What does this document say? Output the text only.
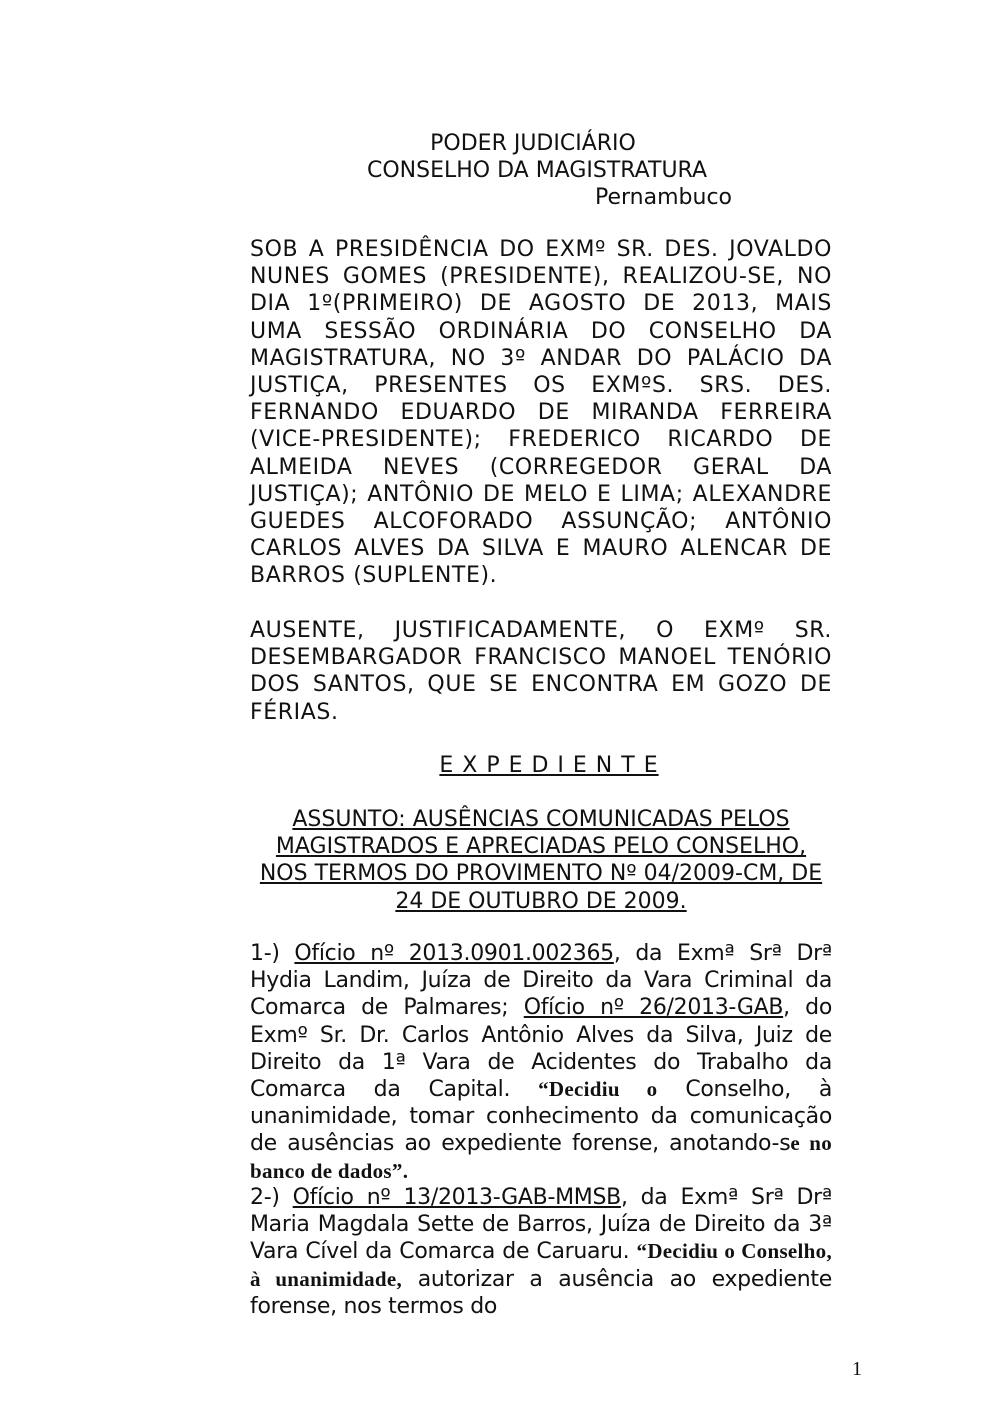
PODER JUDICIÁRIO
CONSELHO DA MAGISTRATURA
Pernambuco
SOB A PRESIDÊNCIA DO EXMº SR. DES. JOVALDO NUNES GOMES (PRESIDENTE), REALIZOU-SE, NO DIA 1º(PRIMEIRO) DE AGOSTO DE 2013, MAIS UMA SESSÃO ORDINÁRIA DO CONSELHO DA MAGISTRATURA, NO 3º ANDAR DO PALÁCIO DA JUSTIÇA, PRESENTES OS EXMºS. SRS. DES. FERNANDO EDUARDO DE MIRANDA FERREIRA (VICE-PRESIDENTE); FREDERICO RICARDO DE ALMEIDA NEVES (CORREGEDOR GERAL DA JUSTIÇA); ANTÔNIO DE MELO E LIMA; ALEXANDRE GUEDES ALCOFORADO ASSUNÇÃO; ANTÔNIO CARLOS ALVES DA SILVA E MAURO ALENCAR DE BARROS (SUPLENTE).
AUSENTE, JUSTIFICADAMENTE, O EXMº SR. DESEMBARGADOR FRANCISCO MANOEL TENÓRIO DOS SANTOS, QUE SE ENCONTRA EM GOZO DE FÉRIAS.
E X P E D I E N T E
ASSUNTO: AUSÊNCIAS COMUNICADAS PELOS MAGISTRADOS E APRECIADAS PELO CONSELHO, NOS TERMOS DO PROVIMENTO Nº 04/2009-CM, DE 24 DE OUTUBRO DE 2009.
1-) Ofício nº 2013.0901.002365, da Exmª Srª Drª Hydia Landim, Juíza de Direito da Vara Criminal da Comarca de Palmares; Ofício nº 26/2013-GAB, do Exmº Sr. Dr. Carlos Antônio Alves da Silva, Juiz de Direito da 1ª Vara de Acidentes do Trabalho da Comarca da Capital. “Decidiu o Conselho, à unanimidade, tomar conhecimento da comunicação de ausências ao expediente forense, anotando-se no banco de dados”.
2-) Ofício nº 13/2013-GAB-MMSB, da Exmª Srª Drª Maria Magdala Sette de Barros, Juíza de Direito da 3ª Vara Cível da Comarca de Caruaru. “Decidiu o Conselho, à unanimidade, autorizar a ausência ao expediente forense, nos termos do
1
